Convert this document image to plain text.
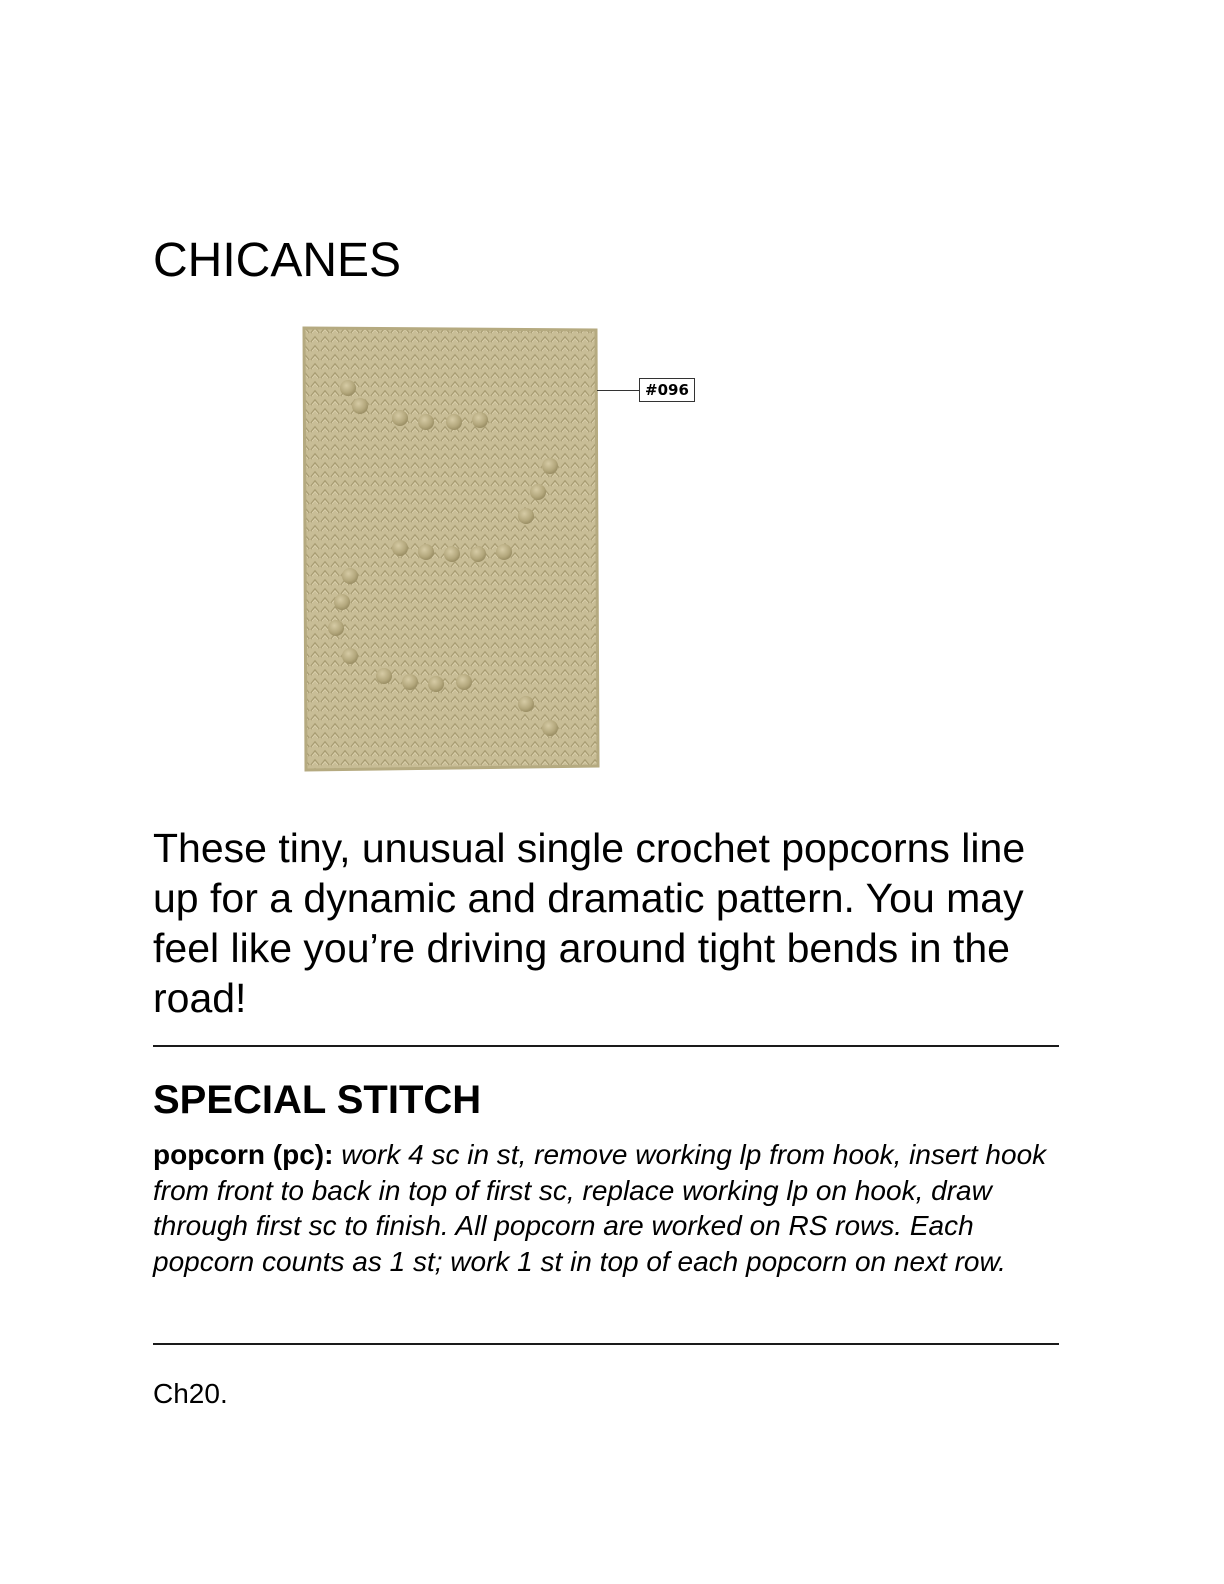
CHICANES
#096

These tiny, unusual single crochet popcorns line up for a dynamic and dramatic pattern. You may feel like you’re driving around tight bends in the road!

SPECIAL STITCH

popcorn (pc): work 4 sc in st, remove working lp from hook, insert hook from front to back in top of first sc, replace working lp on hook, draw through first sc to finish. All popcorn are worked on RS rows. Each popcorn counts as 1 st; work 1 st in top of each popcorn on next row.

Ch20.
